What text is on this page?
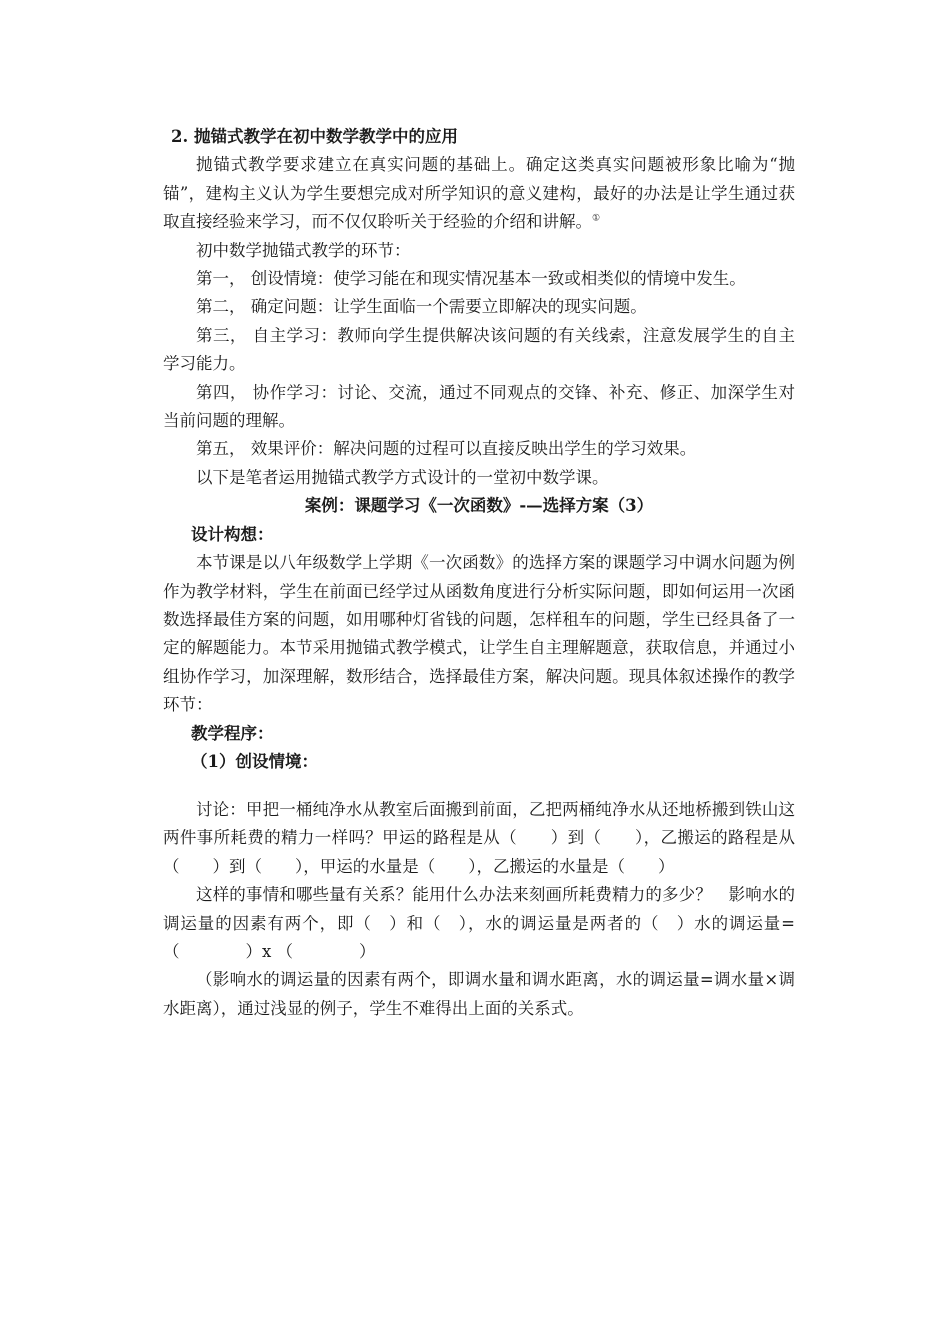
2. 抛锚式教学在初中数学教学中的应用

抛锚式教学要求建立在真实问题的基础上。确定这类真实问题被形象比喻为“抛锚”，建构主义认为学生要想完成对所学知识的意义建构，最好的办法是让学生通过获取直接经验来学习，而不仅仅聆听关于经验的介绍和讲解。①

初中数学抛锚式教学的环节：

第一， 创设情境：使学习能在和现实情况基本一致或相类似的情境中发生。

第二， 确定问题：让学生面临一个需要立即解决的现实问题。

第三， 自主学习：教师向学生提供解决该问题的有关线索，注意发展学生的自主学习能力。

第四， 协作学习：讨论、交流，通过不同观点的交锋、补充、修正、加深学生对当前问题的理解。

第五， 效果评价：解决问题的过程可以直接反映出学生的学习效果。

以下是笔者运用抛锚式教学方式设计的一堂初中数学课。

案例：课题学习《一次函数》-—选择方案（3）

设计构想：

本节课是以八年级数学上学期《一次函数》的选择方案的课题学习中调水问题为例作为教学材料，学生在前面已经学过从函数角度进行分析实际问题，即如何运用一次函数选择最佳方案的问题，如用哪种灯省钱的问题，怎样租车的问题，学生已经具备了一定的解题能力。本节采用抛锚式教学模式，让学生自主理解题意，获取信息，并通过小组协作学习，加深理解，数形结合，选择最佳方案，解决问题。现具体叙述操作的教学环节：

教学程序：

（1）创设情境：

讨论：甲把一桶纯净水从教室后面搬到前面，乙把两桶纯净水从还地桥搬到铁山这两件事所耗费的精力一样吗？甲运的路程是从（　　）到（　　），乙搬运的路程是从（　　）到（　　），甲运的水量是（　　），乙搬运的水量是（　　）

这样的事情和哪些量有关系？能用什么办法来刻画所耗费精力的多少？　影响水的调运量的因素有两个，即（　）和（　），水的调运量是两者的（　）水的调运量=（　　　　）x （　　　　）

（影响水的调运量的因素有两个，即调水量和调水距离，水的调运量=调水量×调水距离），通过浅显的例子，学生不难得出上面的关系式。
